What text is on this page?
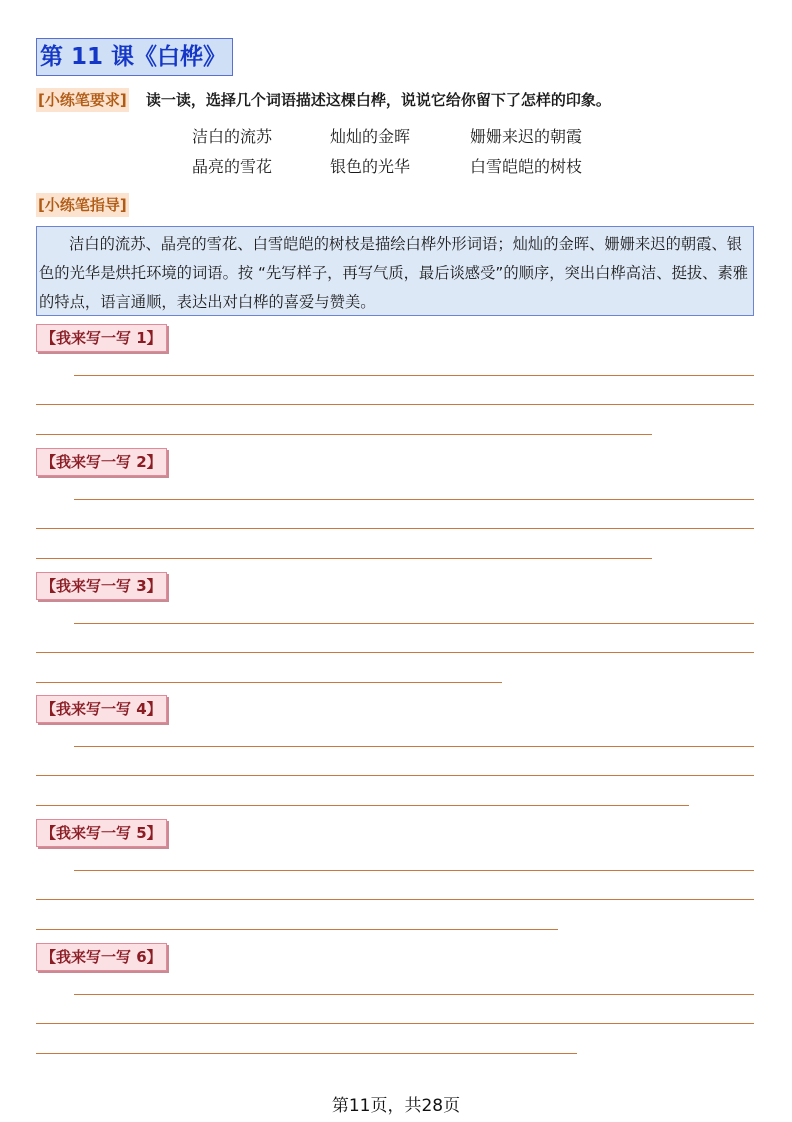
第 11 课《白桦》
[小练笔要求] 读一读，选择几个词语描述这棵白桦，说说它给你留下了怎样的印象。
洁白的流苏	灿灿的金晖	姗姗来迟的朝霞
晶亮的雪花	银色的光华	白雪皑皑的树枝
[小练笔指导]
洁白的流苏、晶亮的雪花、白雪皑皑的树枝是描绘白桦外形词语；灿灿的金晖、姗姗来迟的朝霞、银色的光华是烘托环境的词语。按 “先写样子，再写气质，最后谈感受”的顺序，突出白桦高洁、挺拔、素雅的特点，语言通顺，表达出对白桦的喜爱与赞美。
【我来写一写 1】
【我来写一写 2】
【我来写一写 3】
【我来写一写 4】
【我来写一写 5】
【我来写一写 6】
第11页，共28页
